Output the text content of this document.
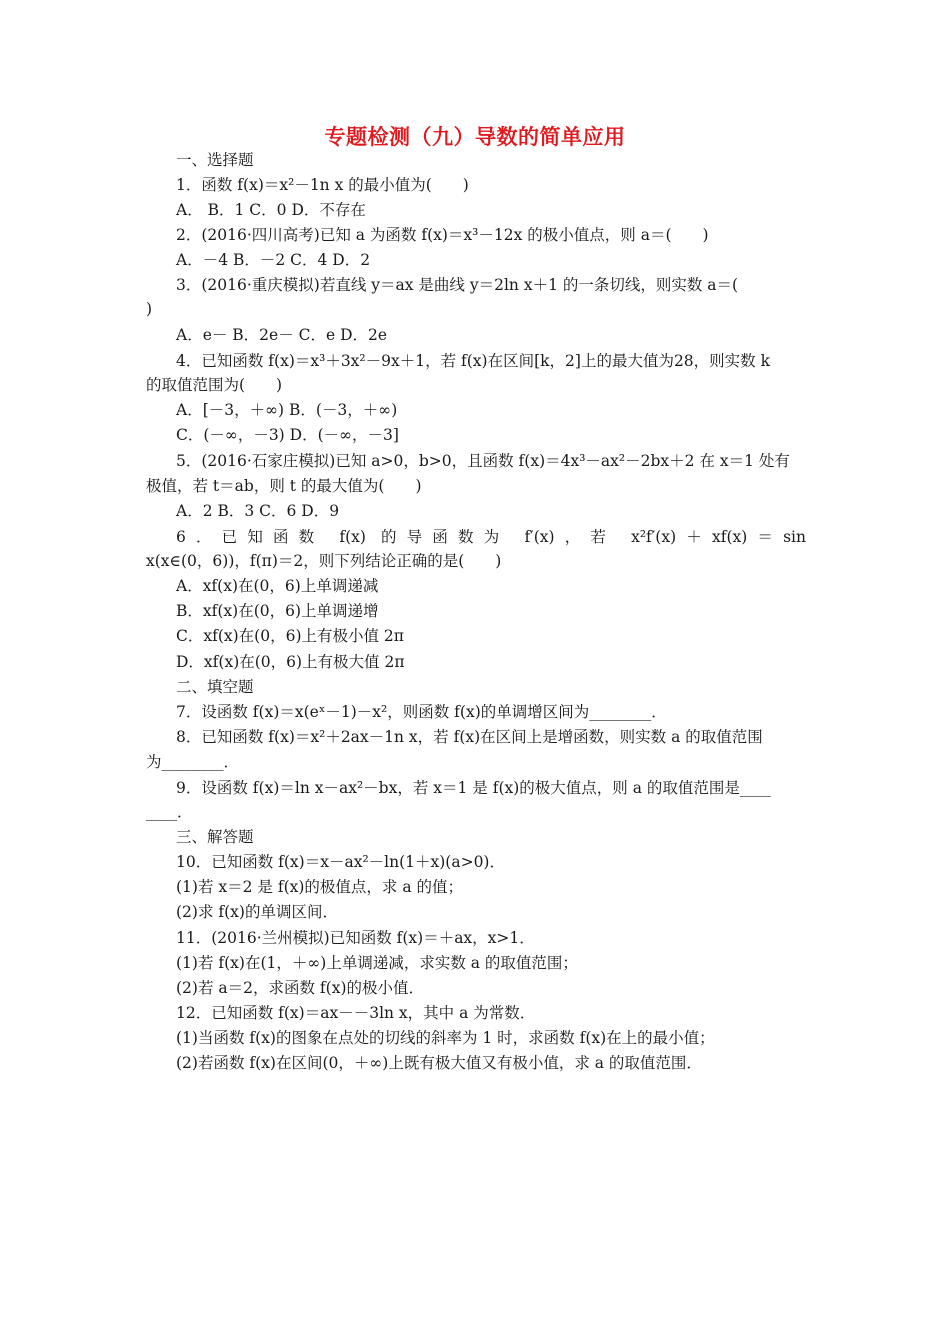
专题检测（九）导数的简单应用
一、选择题
1．函数 f(x)＝x²－1n x 的最小值为(　　)
A． B．1 C．0 D．不存在
2．(2016·四川高考)已知 a 为函数 f(x)＝x³－12x 的极小值点，则 a＝(　　)
A．－4 B．－2 C．4 D．2
3．(2016·重庆模拟)若直线 y＝ax 是曲线 y＝2ln x＋1 的一条切线，则实数 a＝(
)
A．e－ B．2e－ C．e D．2e
4．已知函数 f(x)＝x³＋3x²－9x＋1，若 f(x)在区间[k，2]上的最大值为28，则实数 k
的取值范围为(　　)
A．[－3，＋∞) B．(－3，＋∞)
C．(－∞，－3) D．(－∞，－3]
5．(2016·石家庄模拟)已知 a>0，b>0，且函数 f(x)＝4x³－ax²－2bx＋2 在 x＝1 处有
极值，若 t＝ab，则 t 的最大值为(　　)
A．2 B．3 C．6 D．9
6．已知函数 f(x) 的导函数为 f′(x)，若 x²f′(x)＋xf(x)＝sin
x(x∈(0，6))，f(π)＝2，则下列结论正确的是(　　)
A．xf(x)在(0，6)上单调递减
B．xf(x)在(0，6)上单调递增
C．xf(x)在(0，6)上有极小值 2π
D．xf(x)在(0，6)上有极大值 2π
二、填空题
7．设函数 f(x)＝x(eˣ－1)－x²，则函数 f(x)的单调增区间为________．
8．已知函数 f(x)＝x²＋2ax－1n x，若 f(x)在区间上是增函数，则实数 a 的取值范围
为________．
9．设函数 f(x)＝ln x－ax²－bx，若 x＝1 是 f(x)的极大值点，则 a 的取值范围是____
____．
三、解答题
10．已知函数 f(x)＝x－ax²－ln(1＋x)(a>0)．
(1)若 x＝2 是 f(x)的极值点，求 a 的值；
(2)求 f(x)的单调区间．
11．(2016·兰州模拟)已知函数 f(x)＝＋ax，x>1．
(1)若 f(x)在(1，＋∞)上单调递减，求实数 a 的取值范围；
(2)若 a＝2，求函数 f(x)的极小值．
12．已知函数 f(x)＝ax－－3ln x，其中 a 为常数．
(1)当函数 f(x)的图象在点处的切线的斜率为 1 时，求函数 f(x)在上的最小值；
(2)若函数 f(x)在区间(0，＋∞)上既有极大值又有极小值，求 a 的取值范围．
